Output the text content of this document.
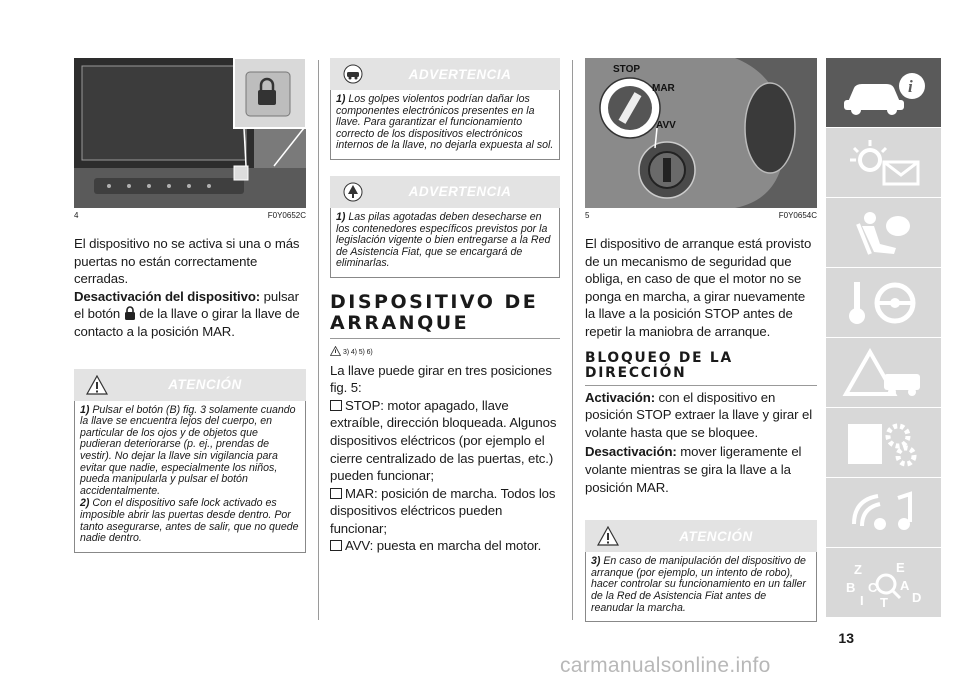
4	F0Y0652C

El dispositivo no se activa si una o más puertas no están correctamente cerradas.

Desactivación del dispositivo: pulsar el botón  de la llave o girar la llave de contacto a la posición MAR.

ATENCIÓN

1) Pulsar el botón (B) fig. 3 solamente cuando la llave se encuentra lejos del cuerpo, en particular de los ojos y de objetos que pudieran deteriorarse (p. ej., prendas de vestir). No dejar la llave sin vigilancia para evitar que nadie, especialmente los niños, pueda manipularla y pulsar el botón accidentalmente.

2) Con el dispositivo safe lock activado es imposible abrir las puertas desde dentro. Por tanto asegurarse, antes de salir, que no quede nadie dentro.

ADVERTENCIA

1) Los golpes violentos podrían dañar los componentes electrónicos presentes en la llave. Para garantizar el funcionamiento correcto de los dispositivos electrónicos internos de la llave, no dejarla expuesta al sol.

ADVERTENCIA

1) Las pilas agotadas deben desecharse en los contenedores específicos previstos por la legislación vigente o bien entregarse a la Red de Asistencia Fiat, que se encargará de eliminarlas.

DISPOSITIVO DE ARRANQUE

3) 4) 5) 6)

La llave puede girar en tres posiciones fig. 5:

STOP: motor apagado, llave extraíble, dirección bloqueada. Algunos dispositivos eléctricos (por ejemplo el cierre centralizado de las puertas, etc.) pueden funcionar;

MAR: posición de marcha. Todos los dispositivos eléctricos pueden funcionar;

AVV: puesta en marcha del motor.

STOP
MAR
AVV
5	F0Y0654C

El dispositivo de arranque está provisto de un mecanismo de seguridad que obliga, en caso de que el motor no se ponga en marcha, a girar nuevamente la llave a la posición STOP antes de repetir la maniobra de arranque.

BLOQUEO DE LA DIRECCIÓN

Activación: con el dispositivo en posición STOP extraer la llave y girar el volante hasta que se bloquee.

Desactivación: mover ligeramente el volante mientras se gira la llave a la posición MAR.

ATENCIÓN

3) En caso de manipulación del dispositivo de arranque (por ejemplo, un intento de robo), hacer controlar su funcionamiento en un taller de la Red de Asistencia Fiat antes de reanudar la marcha.

i
Z	E
B	A
I T D
C
13
carmanualsonline.info
